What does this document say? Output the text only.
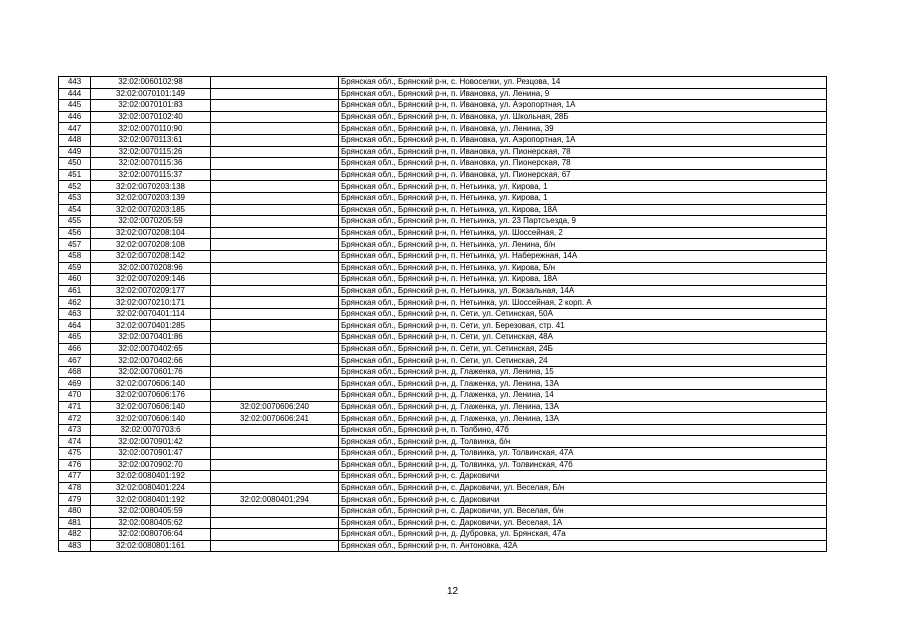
443	32:02:0060102:98		Брянская обл., Брянский р-н, с. Новоселки, ул. Резцова, 14
444	32:02:0070101:149		Брянская обл., Брянский р-н, п. Ивановка, ул. Ленина, 9
445	32:02:0070101:83		Брянская обл., Брянский р-н, п. Ивановка, ул. Аэропортная, 1А
446	32:02:0070102:40		Брянская обл., Брянский р-н, п. Ивановка, ул. Школьная, 28Б
447	32:02:0070110:90		Брянская обл., Брянский р-н, п. Ивановка, ул. Ленина, 39
448	32:02:0070113:61		Брянская обл., Брянский р-н, п. Ивановка, ул. Аэропортная, 1А
449	32:02:0070115:26		Брянская обл., Брянский р-н, п. Ивановка, ул. Пионерская, 78
450	32:02:0070115:36		Брянская обл., Брянский р-н, п. Ивановка, ул. Пионерская, 78
451	32:02:0070115:37		Брянская обл., Брянский р-н, п. Ивановка, ул. Пионерская, 67
452	32:02:0070203:138		Брянская обл., Брянский р-н, п. Нетьинка, ул. Кирова, 1
453	32:02:0070203:139		Брянская обл., Брянский р-н, п. Нетьинка, ул. Кирова, 1
454	32:02:0070203:185		Брянская обл., Брянский р-н, п. Нетьинка, ул. Кирова, 18А
455	32:02:0070205:59		Брянская обл., Брянский р-н, п. Нетьинка, ул. 23 Партсъезда, 9
456	32:02:0070208:104		Брянская обл., Брянский р-н, п. Нетьинка, ул. Шоссейная, 2
457	32:02:0070208:108		Брянская обл., Брянский р-н, п. Нетьинка, ул. Ленина, б/н
458	32:02:0070208:142		Брянская обл., Брянский р-н, п. Нетьинка, ул. Набережная, 14А
459	32:02:0070208:96		Брянская обл., Брянский р-н, п. Нетьинка, ул. Кирова, Б/н
460	32:02:0070209:146		Брянская обл., Брянский р-н, п. Нетьинка, ул. Кирова, 18А
461	32:02:0070209:177		Брянская обл., Брянский р-н, п. Нетьинка, ул. Вокзальная, 14А
462	32:02:0070210:171		Брянская обл., Брянский р-н, п. Нетьинка, ул. Шоссейная, 2 корп. А
463	32:02:0070401:114		Брянская обл., Брянский р-н, п. Сети, ул. Сетинская, 50А
464	32:02:0070401:285		Брянская обл., Брянский р-н, п. Сети, ул. Березовая, стр. 41
465	32:02:0070401:86		Брянская обл., Брянский р-н, п. Сети, ул. Сетинская, 48А
466	32:02:0070402:65		Брянская обл., Брянский р-н, п. Сети, ул. Сетинская, 24Б
467	32:02:0070402:66		Брянская обл., Брянский р-н, п. Сети, ул. Сетинская, 24
468	32:02:0070601:76		Брянская обл., Брянский р-н, д. Глаженка, ул. Ленина, 15
469	32:02:0070606:140		Брянская обл., Брянский р-н, д. Глаженка, ул. Ленина, 13А
470	32:02:0070606:176		Брянская обл., Брянский р-н, д. Глаженка, ул. Ленина, 14
471	32:02:0070606:140	32:02:0070606:240	Брянская обл., Брянский р-н, д. Глаженка, ул. Ленина, 13А
472	32:02:0070606:140	32:02:0070606:241	Брянская обл., Брянский р-н, д. Глаженка, ул. Ленина, 13А
473	32:02:0070703:6		Брянская обл., Брянский р-н, п. Толбино, 47б
474	32:02:0070901:42		Брянская обл., Брянский р-н, д. Толвинка, б/н
475	32:02:0070901:47		Брянская обл., Брянский р-н, д. Толвинка, ул. Толвинская, 47А
476	32:02:0070902:70		Брянская обл., Брянский р-н, д. Толвинка, ул. Толвинская, 47б
477	32:02:0080401:192		Брянская обл., Брянский р-н, с. Дарковичи
478	32:02:0080401:224		Брянская обл., Брянский р-н, с. Дарковичи, ул. Веселая, Б/н
479	32:02:0080401:192	32:02:0080401:294	Брянская обл., Брянский р-н, с. Дарковичи
480	32:02:0080405:59		Брянская обл., Брянский р-н, с. Дарковичи, ул. Веселая, б/н
481	32:02:0080405:62		Брянская обл., Брянский р-н, с. Дарковичи, ул. Веселая, 1А
482	32:02:0080706:64		Брянская обл., Брянский р-н, д. Дубровка, ул. Брянская, 47а
483	32:02:0080801:161		Брянская обл., Брянский р-н, п. Антоновка, 42А
12
